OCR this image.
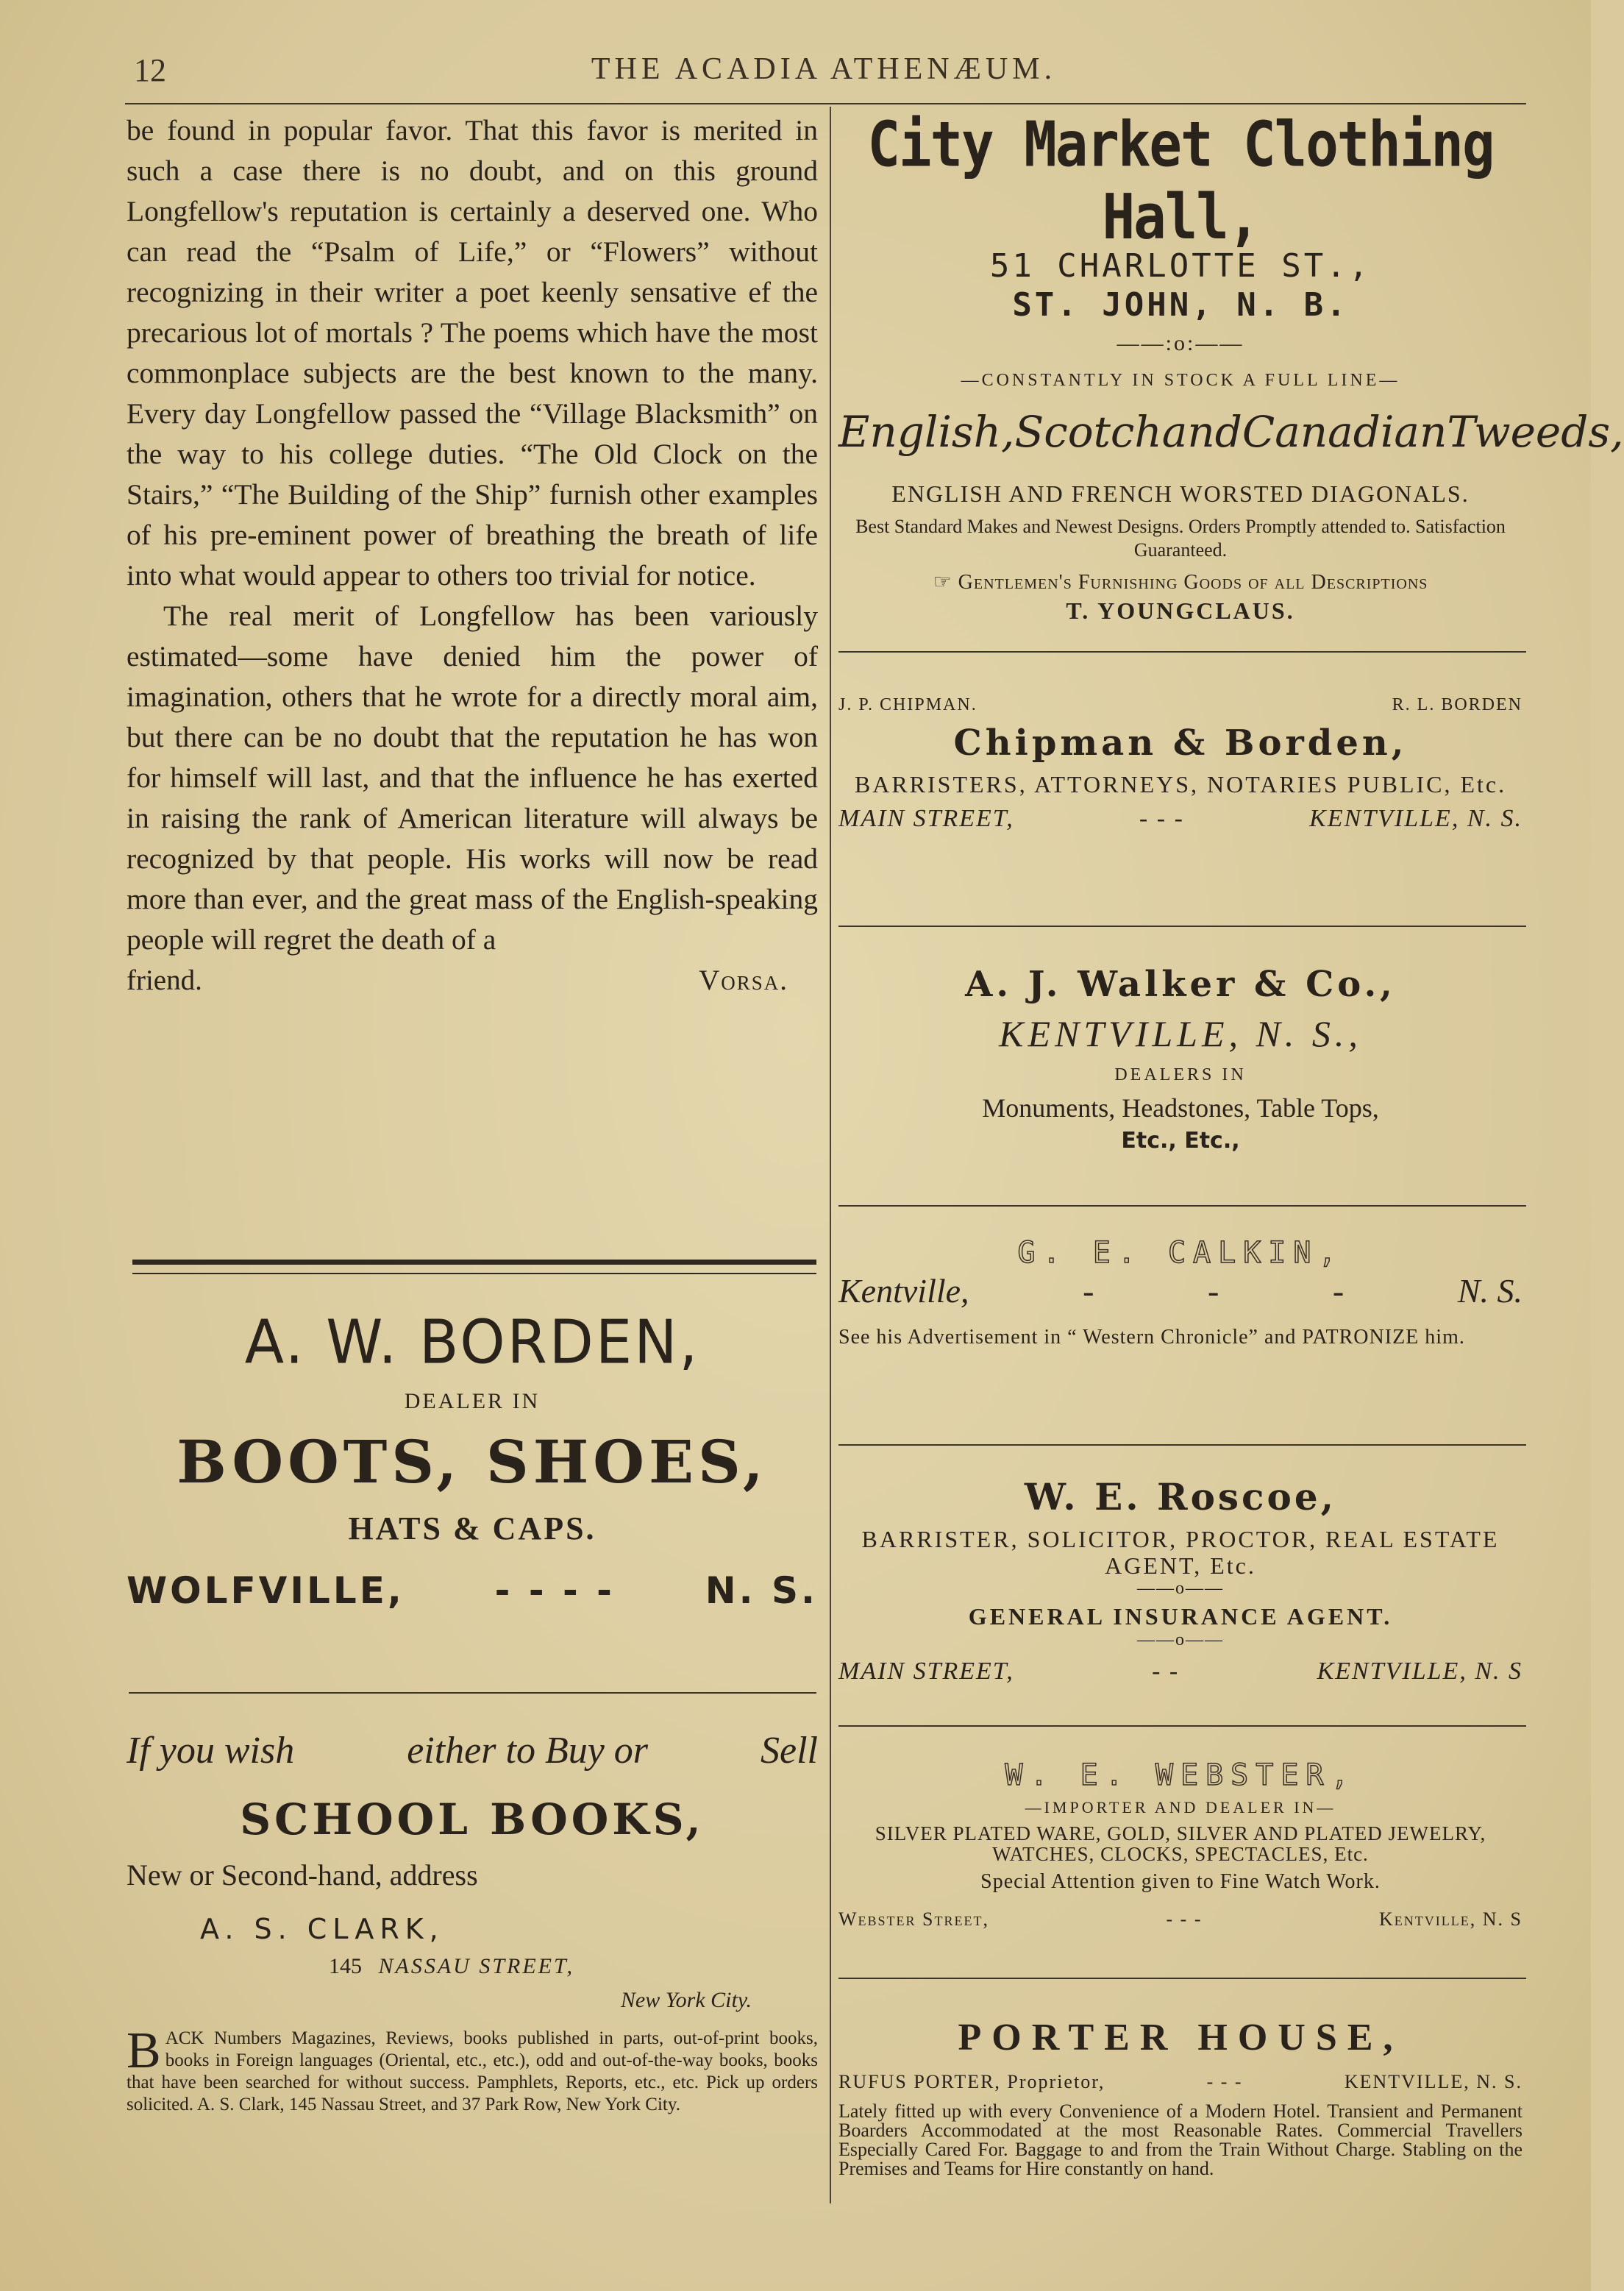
12	THE ACADIA ATHENÆUM.

be found in popular favor. That this favor is merited in such a case there is no doubt, and on this ground Longfellow's reputation is certainly a deserved one. Who can read the “Psalm of Life,” or “Flowers” without recognizing in their writer a poet keenly sensative ef the precarious lot of mortals ? The poems which have the most commonplace subjects are the best known to the many. Every day Longfellow passed the “Village Blacksmith” on the way to his college duties. “The Old Clock on the Stairs,” “The Building of the Ship” furnish other examples of his pre-eminent power of breathing the breath of life into what would appear to others too trivial for notice.

The real merit of Longfellow has been variously estimated—some have denied him the power of imagination, others that he wrote for a directly moral aim, but there can be no doubt that the reputation he has won for himself will last, and that the influence he has exerted in raising the rank of American literature will always be recognized by that people. His works will now be read more than ever, and the great mass of the English-speaking people will regret the death of a

friend.	Vorsa.
A. W. BORDEN,
DEALER IN
BOOTS, SHOES,
HATS & CAPS.
WOLFVILLE, - - - - N. S.
If you wish	either to Buy or	Sell
SCHOOL BOOKS,
New or Second-hand, address
A. S. CLARK,
145 NASSAU STREET,
New York City.
BACK Numbers Magazines, Reviews, books published in parts, out-of-print books, books in Foreign languages (Oriental, etc., etc.), odd and out-of-the-way books, books that have been searched for without success. Pamphlets, Reports, etc., etc. Pick up orders solicited. A. S. Clark, 145 Nassau Street, and 37 Park Row, New York City.
City Market Clothing Hall,
51 CHARLOTTE ST.,
ST. JOHN, N. B.
——:o:——
—CONSTANTLY IN STOCK A FULL LINE—
English, Scotch and Canadian Tweeds,
ENGLISH AND FRENCH WORSTED DIAGONALS.
Best Standard Makes and Newest Designs. Orders Promptly attended to. Satisfaction Guaranteed.
☞ Gentlemen's Furnishing Goods of all Descriptions
T. YOUNGCLAUS.
J. P. CHIPMAN.	R. L. BORDEN
Chipman & Borden,
BARRISTERS, ATTORNEYS, NOTARIES PUBLIC, Etc.
MAIN STREET,	- - -	KENTVILLE, N. S.
A. J. Walker & Co.,
KENTVILLE, N. S.,
DEALERS IN
Monuments, Headstones, Table Tops,
Etc., Etc.,
G. E. CALKIN,
Kentville,	-	-	-	N. S.
See his Advertisement in “ Western Chronicle” and PATRONIZE him.
W. E. Roscoe,
BARRISTER, SOLICITOR, PROCTOR, REAL ESTATE AGENT, Etc.
——o——
GENERAL INSURANCE AGENT.
——o——
MAIN STREET,	- -	KENTVILLE, N. S
W. E. WEBSTER,
—IMPORTER AND DEALER IN—
SILVER PLATED WARE, GOLD, SILVER AND PLATED JEWELRY, WATCHES, CLOCKS, SPECTACLES, Etc.
Special Attention given to Fine Watch Work.
Webster Street,	- - -	Kentville, N. S
PORTER HOUSE,
RUFUS PORTER, Proprietor,	- - -	KENTVILLE, N. S.
Lately fitted up with every Convenience of a Modern Hotel. Transient and Permanent Boarders Accommodated at the most Reasonable Rates. Commercial Travellers Especially Cared For. Baggage to and from the Train Without Charge. Stabling on the Premises and Teams for Hire constantly on hand.
